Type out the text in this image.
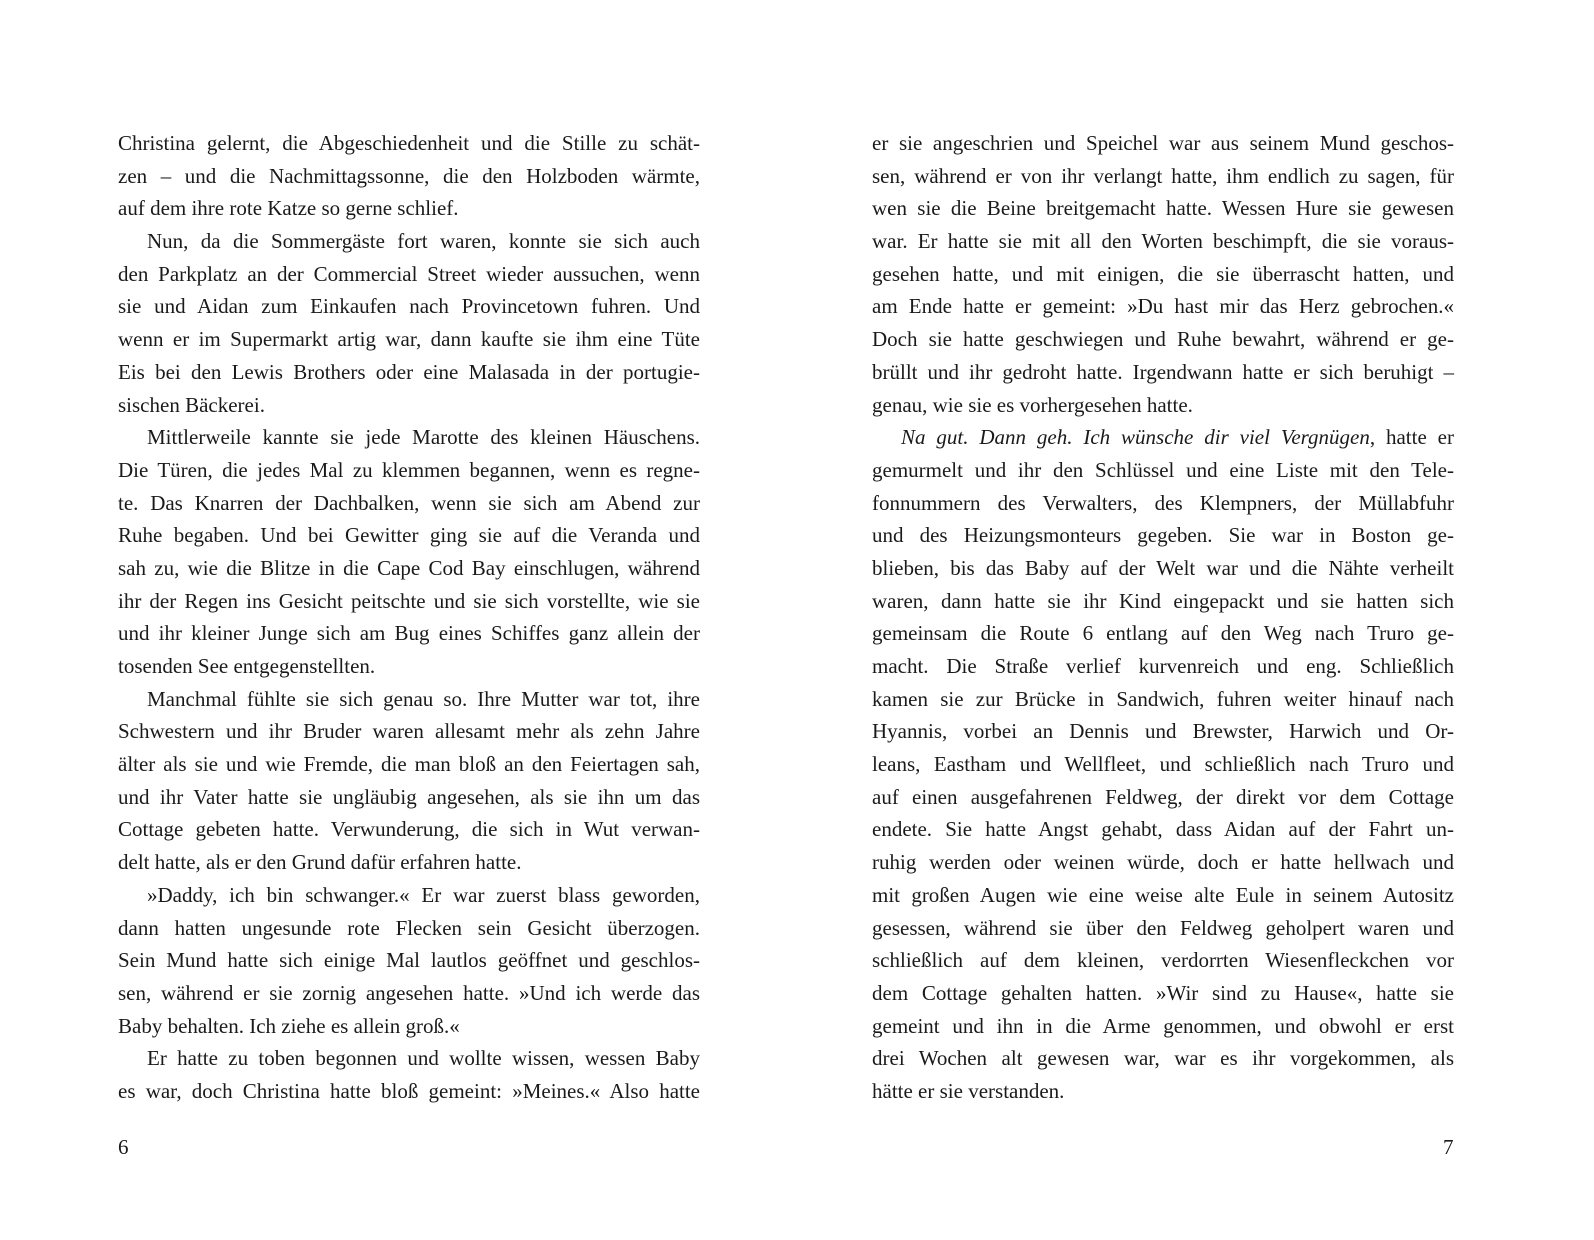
Christina gelernt, die Abgeschiedenheit und die Stille zu schät-
zen – und die Nachmittagssonne, die den Holzboden wärmte,
auf dem ihre rote Katze so gerne schlief.
Nun, da die Sommergäste fort waren, konnte sie sich auch
den Parkplatz an der Commercial Street wieder aussuchen, wenn
sie und Aidan zum Einkaufen nach Provincetown fuhren. Und
wenn er im Supermarkt artig war, dann kaufte sie ihm eine Tüte
Eis bei den Lewis Brothers oder eine Malasada in der portugie-
sischen Bäckerei.
Mittlerweile kannte sie jede Marotte des kleinen Häuschens.
Die Türen, die jedes Mal zu klemmen begannen, wenn es regne-
te. Das Knarren der Dachbalken, wenn sie sich am Abend zur
Ruhe begaben. Und bei Gewitter ging sie auf die Veranda und
sah zu, wie die Blitze in die Cape Cod Bay einschlugen, während
ihr der Regen ins Gesicht peitschte und sie sich vorstellte, wie sie
und ihr kleiner Junge sich am Bug eines Schiffes ganz allein der
tosenden See entgegenstellten.
Manchmal fühlte sie sich genau so. Ihre Mutter war tot, ihre
Schwestern und ihr Bruder waren allesamt mehr als zehn Jahre
älter als sie und wie Fremde, die man bloß an den Feiertagen sah,
und ihr Vater hatte sie ungläubig angesehen, als sie ihn um das
Cottage gebeten hatte. Verwunderung, die sich in Wut verwan-
delt hatte, als er den Grund dafür erfahren hatte.
»Daddy, ich bin schwanger.« Er war zuerst blass geworden,
dann hatten ungesunde rote Flecken sein Gesicht überzogen.
Sein Mund hatte sich einige Mal lautlos geöffnet und geschlos-
sen, während er sie zornig angesehen hatte. »Und ich werde das
Baby behalten. Ich ziehe es allein groß.«
Er hatte zu toben begonnen und wollte wissen, wessen Baby
es war, doch Christina hatte bloß gemeint: »Meines.« Also hatte
6
er sie angeschrien und Speichel war aus seinem Mund geschos-
sen, während er von ihr verlangt hatte, ihm endlich zu sagen, für
wen sie die Beine breitgemacht hatte. Wessen Hure sie gewesen
war. Er hatte sie mit all den Worten beschimpft, die sie voraus-
gesehen hatte, und mit einigen, die sie überrascht hatten, und
am Ende hatte er gemeint: »Du hast mir das Herz gebrochen.«
Doch sie hatte geschwiegen und Ruhe bewahrt, während er ge-
brüllt und ihr gedroht hatte. Irgendwann hatte er sich beruhigt –
genau, wie sie es vorhergesehen hatte.
Na gut. Dann geh. Ich wünsche dir viel Vergnügen, hatte er
gemurmelt und ihr den Schlüssel und eine Liste mit den Tele-
fonnummern des Verwalters, des Klempners, der Müllabfuhr
und des Heizungsmonteurs gegeben. Sie war in Boston ge-
blieben, bis das Baby auf der Welt war und die Nähte verheilt
waren, dann hatte sie ihr Kind eingepackt und sie hatten sich
gemeinsam die Route 6 entlang auf den Weg nach Truro ge-
macht. Die Straße verlief kurvenreich und eng. Schließlich
kamen sie zur Brücke in Sandwich, fuhren weiter hinauf nach
Hyannis, vorbei an Dennis und Brewster, Harwich und Or-
leans, Eastham und Wellfleet, und schließlich nach Truro und
auf einen ausgefahrenen Feldweg, der direkt vor dem Cottage
endete. Sie hatte Angst gehabt, dass Aidan auf der Fahrt un-
ruhig werden oder weinen würde, doch er hatte hellwach und
mit großen Augen wie eine weise alte Eule in seinem Autositz
gesessen, während sie über den Feldweg geholpert waren und
schließlich auf dem kleinen, verdorrten Wiesenfleckchen vor
dem Cottage gehalten hatten. »Wir sind zu Hause«, hatte sie
gemeint und ihn in die Arme genommen, und obwohl er erst
drei Wochen alt gewesen war, war es ihr vorgekommen, als
hätte er sie verstanden.
7
